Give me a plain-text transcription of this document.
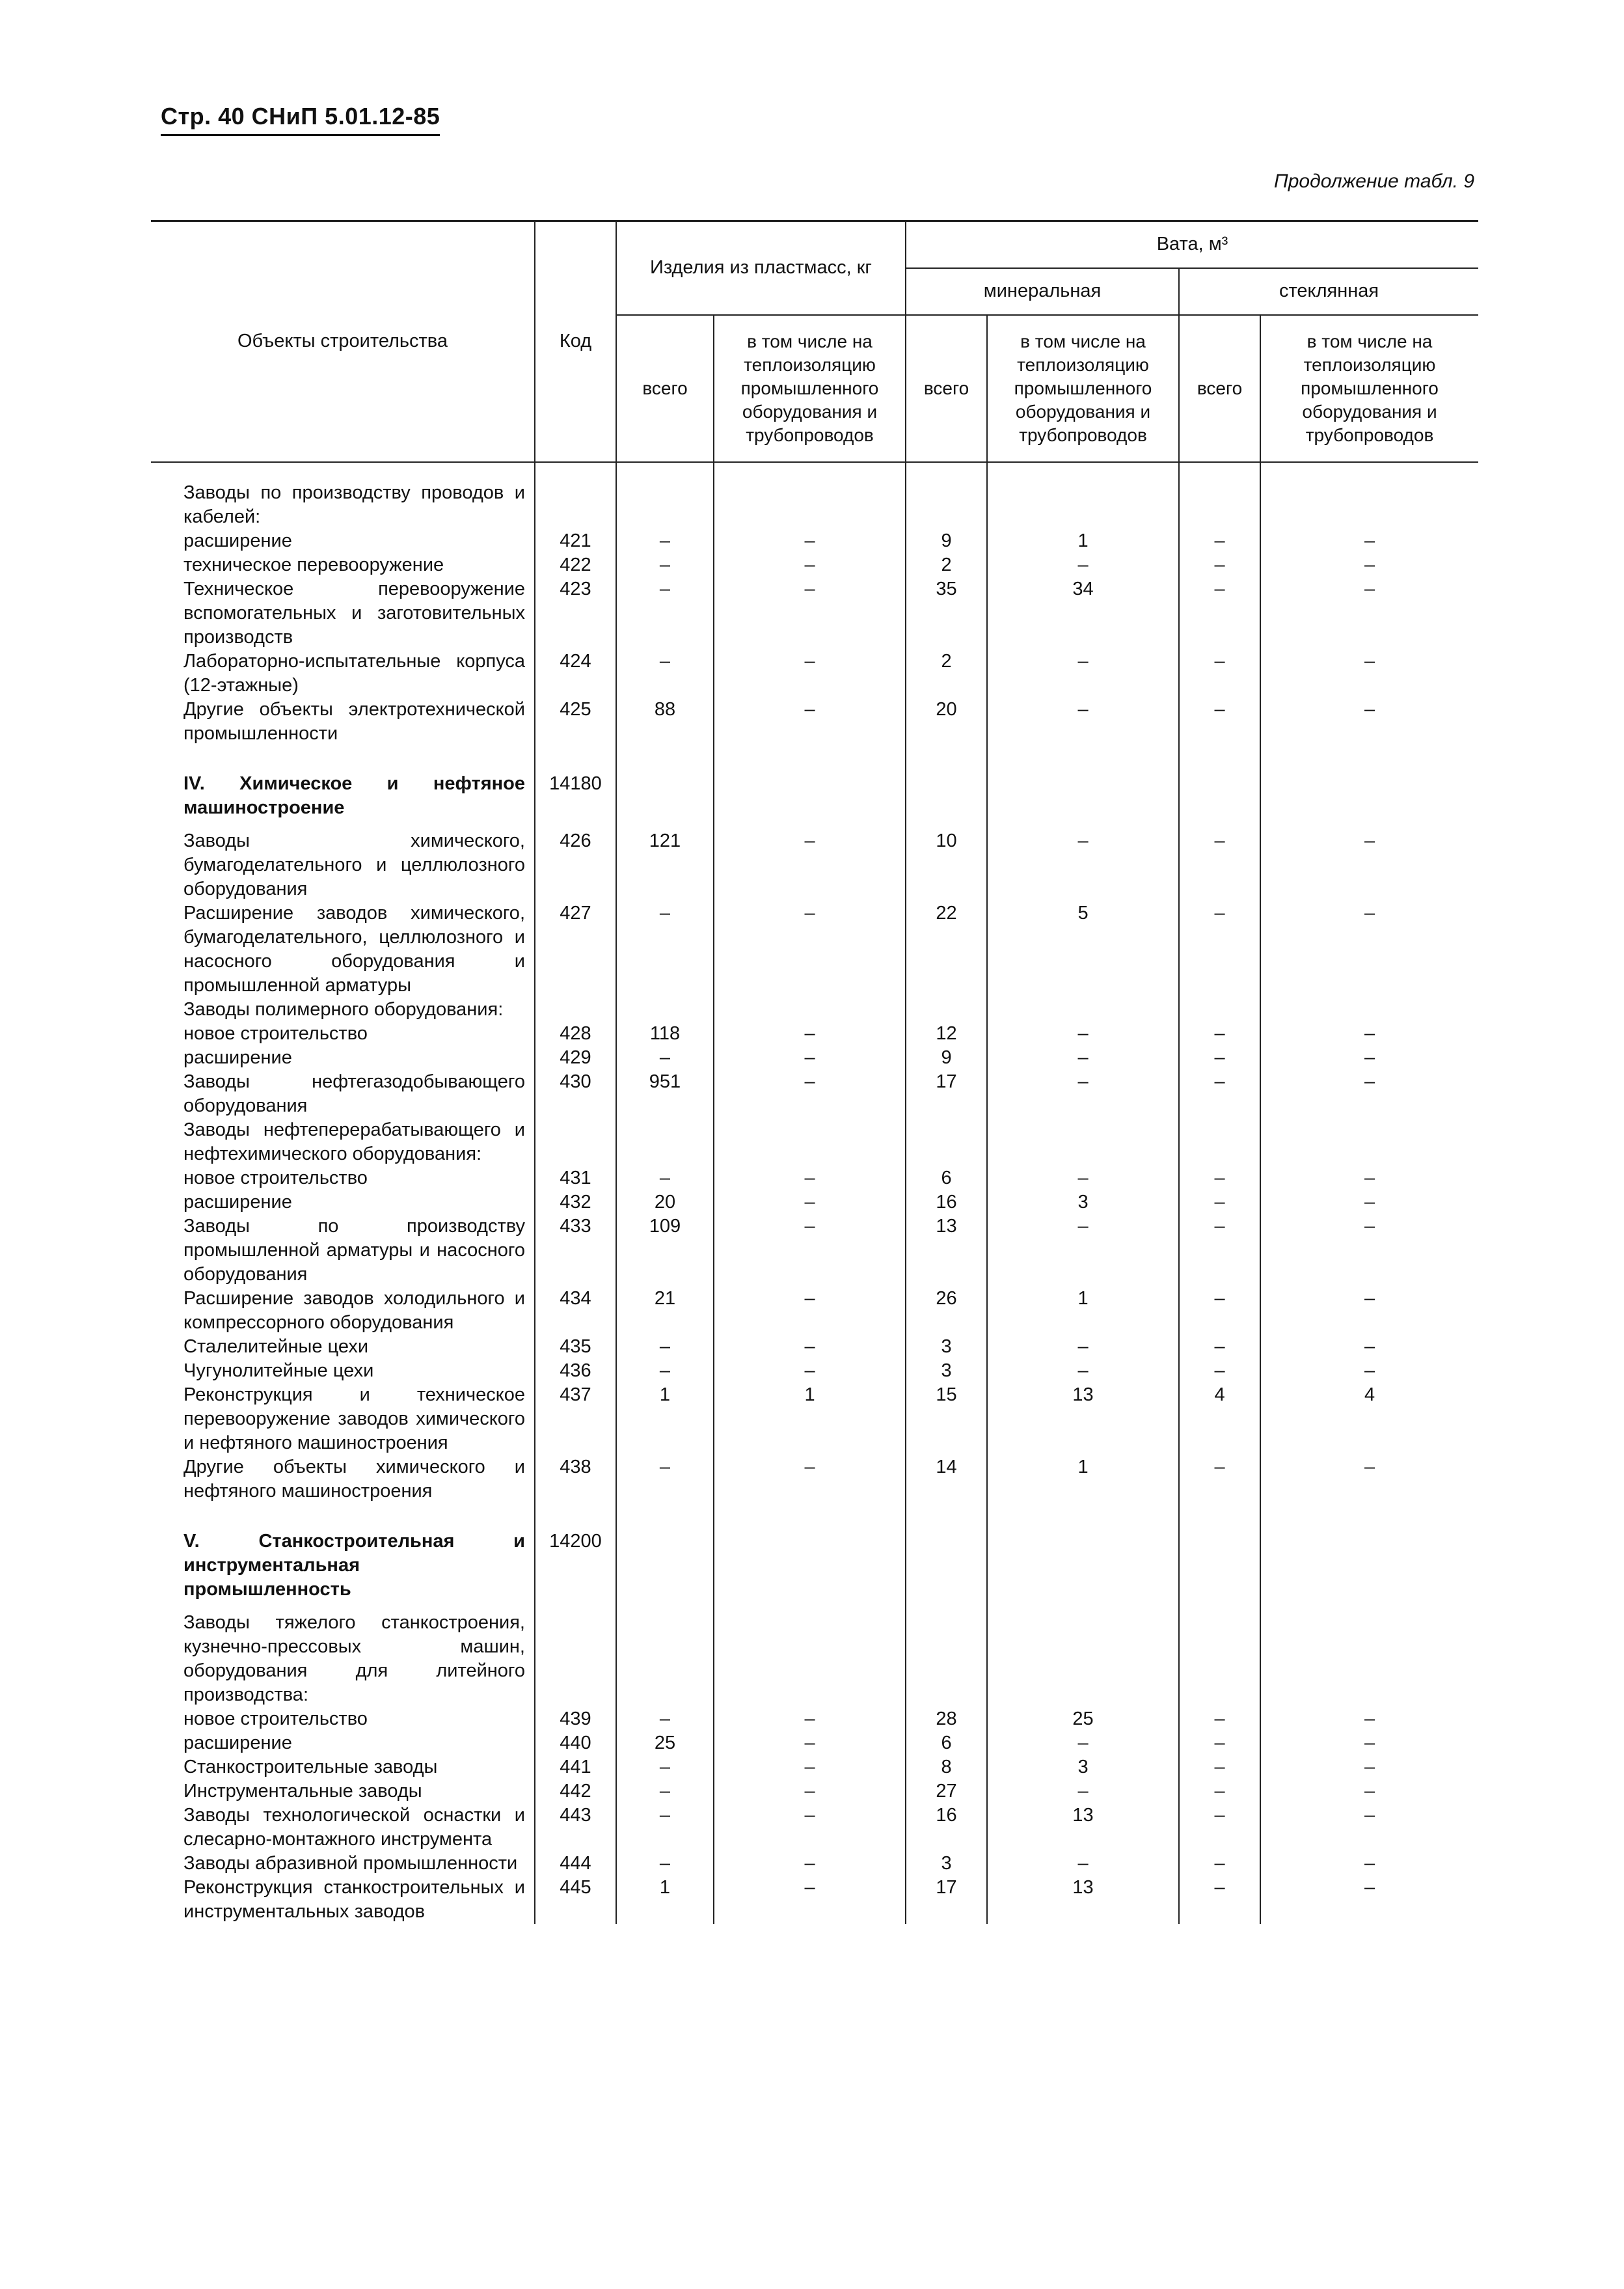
Стр. 40 СНиП 5.01.12-85
Продолжение табл. 9
Объекты строительства	Код	Изделия из пластмасс, кг		Вата, м³			
				минеральная		стеклянная	
		всего	в том числе на теплоизоляцию промышленного оборудования и трубопроводов	всего	в том числе на теплоизоляцию промышленного оборудования и трубопроводов	всего	в том числе на теплоизоляцию промышленного оборудования и трубопроводов
Заводы по производству проводов и кабелей:							
расширение	421	–	–	9	1	–	–
техническое перевооружение	422	–	–	2	–	–	–
Техническое перевооружение вспомогательных и заготовительных производств	423	–	–	35	34	–	–
Лабораторно-испытательные корпуса (12-этажные)	424	–	–	2	–	–	–
Другие объекты электротехнической промышленности	425	88	–	20	–	–	–
IV. Химическое и нефтяное машиностроение	14180						
Заводы химического, бумагоделательного и целлюлозного оборудования	426	121	–	10	–	–	–
Расширение заводов химического, бумагоделательного, целлюлозного и насосного оборудования и промышленной арматуры	427	–	–	22	5	–	–
Заводы полимерного оборудования:							
новое строительство	428	118	–	12	–	–	–
расширение	429	–	–	9	–	–	–
Заводы нефтегазодобывающего оборудования	430	951	–	17	–	–	–
Заводы нефтеперерабатывающего и нефтехимического оборудования:							
новое строительство	431	–	–	6	–	–	–
расширение	432	20	–	16	3	–	–
Заводы по производству промышленной арматуры и насосного оборудования	433	109	–	13	–	–	–
Расширение заводов холодильного и компрессорного оборудования	434	21	–	26	1	–	–
Сталелитейные цехи	435	–	–	3	–	–	–
Чугунолитейные цехи	436	–	–	3	–	–	–
Реконструкция и техническое перевооружение заводов химического и нефтяного машиностроения	437	1	1	15	13	4	4
Другие объекты химического и нефтяного машиностроения	438	–	–	14	1	–	–
V. Станкостроительная и инструментальная промышленность	14200						
Заводы тяжелого станкостроения, кузнечно-прессовых машин, оборудования для литейного производства:							
новое строительство	439	–	–	28	25	–	–
расширение	440	25	–	6	–	–	–
Станкостроительные заводы	441	–	–	8	3	–	–
Инструментальные заводы	442	–	–	27	–	–	–
Заводы технологической оснастки и слесарно-монтажного инструмента	443	–	–	16	13	–	–
Заводы абразивной промышленности	444	–	–	3	–	–	–
Реконструкция станкостроительных и инструментальных заводов	445	1	–	17	13	–	–
